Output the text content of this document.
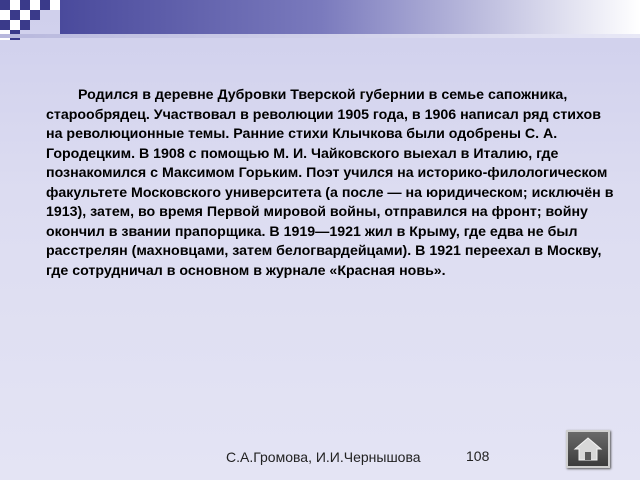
Родился в деревне Дубровки Тверской губернии в семье сапожника, старообрядец. Участвовал в революции 1905 года, в 1906 написал ряд стихов на революционные темы. Ранние стихи Клычкова были одобрены С. А. Городецким. В 1908 с помощью М. И. Чайковского выехал в Италию, где познакомился с Максимом Горьким. Поэт учился на историко-филологическом факультете Московского университета (а после — на юридическом; исключён в 1913), затем, во время Первой мировой войны, отправился на фронт; войну окончил в звании прапорщика. В 1919—1921 жил в Крыму, где едва не был расстрелян (махновцами, затем белогвардейцами). В 1921 переехал в Москву, где сотрудничал в основном в журнале «Красная новь».

С.А.Громова, И.И.Чернышова	108
